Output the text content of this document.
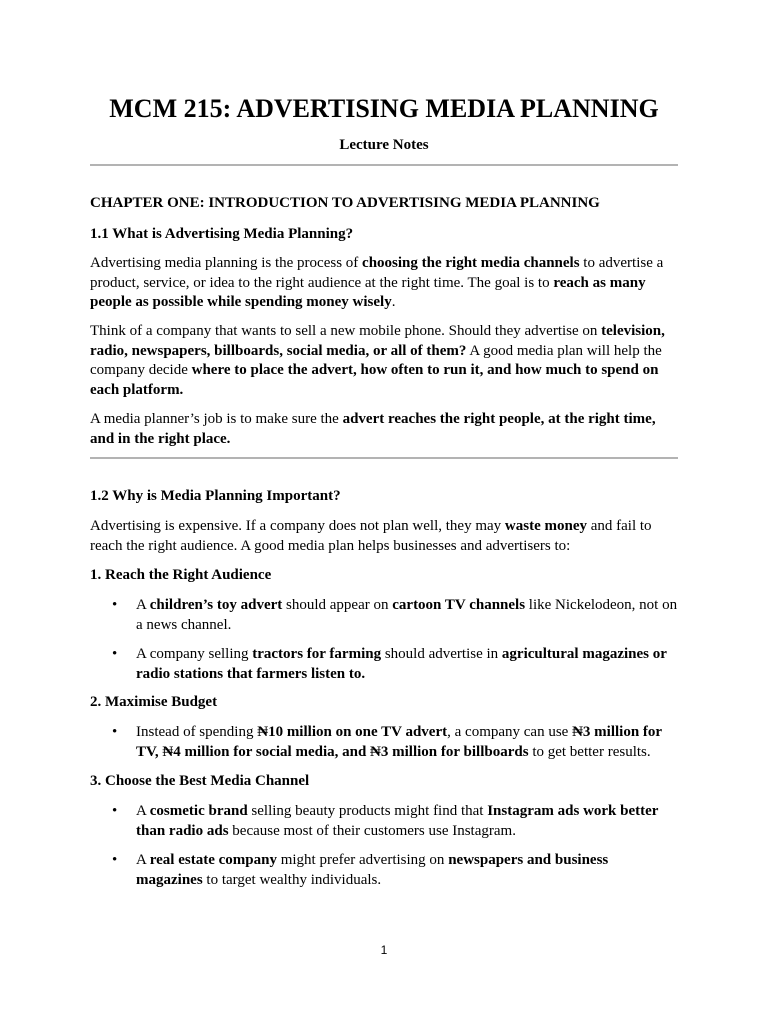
MCM 215: ADVERTISING MEDIA PLANNING
Lecture Notes
CHAPTER ONE: INTRODUCTION TO ADVERTISING MEDIA PLANNING
1.1 What is Advertising Media Planning?
Advertising media planning is the process of choosing the right media channels to advertise a product, service, or idea to the right audience at the right time. The goal is to reach as many people as possible while spending money wisely.
Think of a company that wants to sell a new mobile phone. Should they advertise on television, radio, newspapers, billboards, social media, or all of them? A good media plan will help the company decide where to place the advert, how often to run it, and how much to spend on each platform.
A media planner’s job is to make sure the advert reaches the right people, at the right time, and in the right place.
1.2 Why is Media Planning Important?
Advertising is expensive. If a company does not plan well, they may waste money and fail to reach the right audience. A good media plan helps businesses and advertisers to:
1. Reach the Right Audience
• A children’s toy advert should appear on cartoon TV channels like Nickelodeon, not on a news channel.
• A company selling tractors for farming should advertise in agricultural magazines or radio stations that farmers listen to.
2. Maximise Budget
• Instead of spending ₦10 million on one TV advert, a company can use ₦3 million for TV, ₦4 million for social media, and ₦3 million for billboards to get better results.
3. Choose the Best Media Channel
• A cosmetic brand selling beauty products might find that Instagram ads work better than radio ads because most of their customers use Instagram.
• A real estate company might prefer advertising on newspapers and business magazines to target wealthy individuals.
1
